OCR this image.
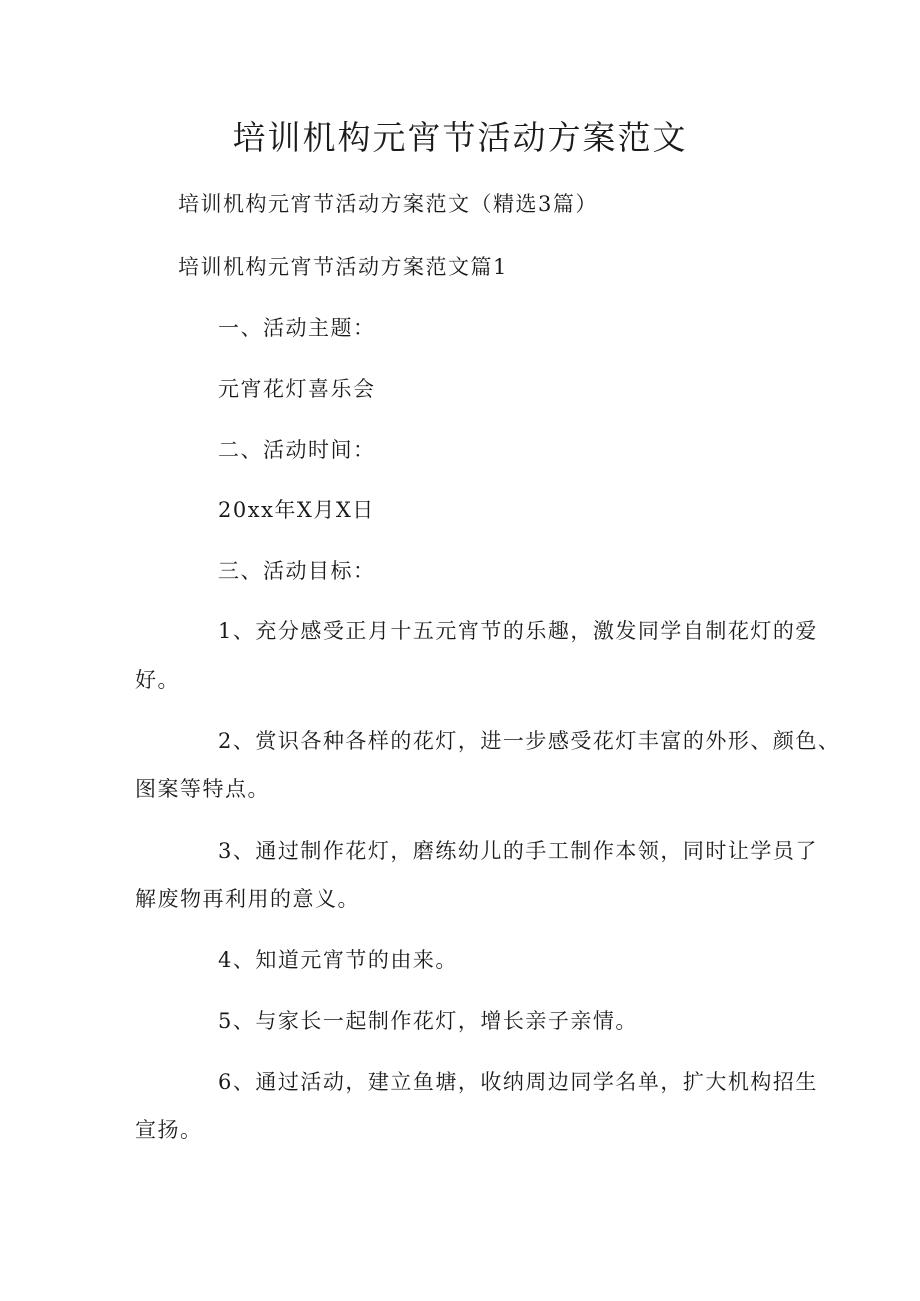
培训机构元宵节活动方案范文

培训机构元宵节活动方案范文（精选3篇）

培训机构元宵节活动方案范文篇1

一、活动主题：

元宵花灯喜乐会

二、活动时间：

20xx年X月X日

三、活动目标：

1、充分感受正月十五元宵节的乐趣，激发同学自制花灯的爱

好。

2、赏识各种各样的花灯，进一步感受花灯丰富的外形、颜色、

图案等特点。

3、通过制作花灯，磨练幼儿的手工制作本领，同时让学员了

解废物再利用的意义。

4、知道元宵节的由来。

5、与家长一起制作花灯，增长亲子亲情。

6、通过活动，建立鱼塘，收纳周边同学名单，扩大机构招生

宣扬。
